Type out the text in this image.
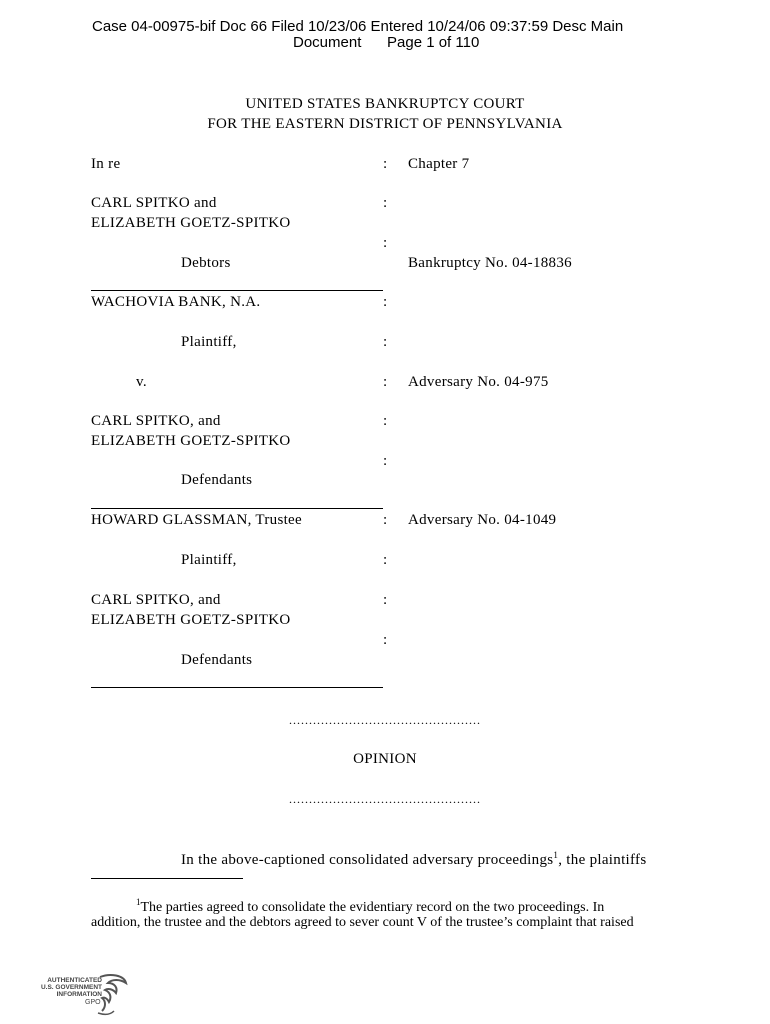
Case 04-00975-bif Doc 66 Filed 10/23/06 Entered 10/24/06 09:37:59 Desc Main
Document Page 1 of 110
UNITED STATES BANKRUPTCY COURT
FOR THE EASTERN DISTRICT OF PENNSYLVANIA
In re	: Chapter 7
CARL SPITKO and	:
ELIZABETH GOETZ-SPITKO
:
Debtors	Bankruptcy No. 04-18836
WACHOVIA BANK, N.A.	:
Plaintiff,	:
v.	: Adversary No. 04-975
CARL SPITKO, and	:
ELIZABETH GOETZ-SPITKO
:
Defendants
HOWARD GLASSMAN, Trustee	: Adversary No. 04-1049
Plaintiff,	:
CARL SPITKO, and	:
ELIZABETH GOETZ-SPITKO
:
Defendants
................................................
OPINION
................................................
In the above-captioned consolidated adversary proceedings$^1$, the plaintiffs
$^1$The parties agreed to consolidate the evidentiary record on the two proceedings. In
addition, the trustee and the debtors agreed to sever count V of the trustee’s complaint that raised
AUTHENTICATED
U.S. GOVERNMENT
INFORMATION
GPO
